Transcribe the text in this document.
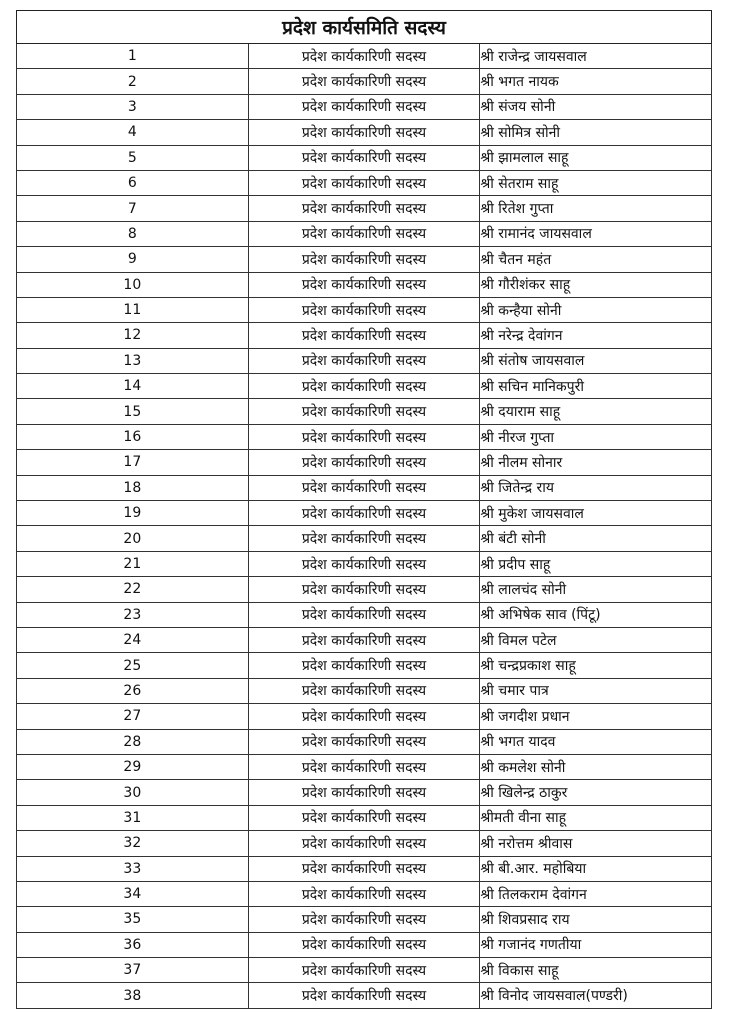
प्रदेश कार्यसमिति सदस्य		
1	प्रदेश कार्यकारिणी सदस्य	श्री राजेन्द्र जायसवाल
2	प्रदेश कार्यकारिणी सदस्य	श्री भगत नायक
3	प्रदेश कार्यकारिणी सदस्य	श्री संजय सोनी
4	प्रदेश कार्यकारिणी सदस्य	श्री सोमित्र सोनी
5	प्रदेश कार्यकारिणी सदस्य	श्री झामलाल साहू
6	प्रदेश कार्यकारिणी सदस्य	श्री सेतराम साहू
7	प्रदेश कार्यकारिणी सदस्य	श्री रितेश गुप्ता
8	प्रदेश कार्यकारिणी सदस्य	श्री रामानंद जायसवाल
9	प्रदेश कार्यकारिणी सदस्य	श्री चैतन महंत
10	प्रदेश कार्यकारिणी सदस्य	श्री गौरीशंकर साहू
11	प्रदेश कार्यकारिणी सदस्य	श्री कन्हैया सोनी
12	प्रदेश कार्यकारिणी सदस्य	श्री नरेन्द्र देवांगन
13	प्रदेश कार्यकारिणी सदस्य	श्री संतोष जायसवाल
14	प्रदेश कार्यकारिणी सदस्य	श्री सचिन मानिकपुरी
15	प्रदेश कार्यकारिणी सदस्य	श्री दयाराम साहू
16	प्रदेश कार्यकारिणी सदस्य	श्री नीरज गुप्ता
17	प्रदेश कार्यकारिणी सदस्य	श्री नीलम सोनार
18	प्रदेश कार्यकारिणी सदस्य	श्री जितेन्द्र राय
19	प्रदेश कार्यकारिणी सदस्य	श्री मुकेश जायसवाल
20	प्रदेश कार्यकारिणी सदस्य	श्री बंटी सोनी
21	प्रदेश कार्यकारिणी सदस्य	श्री प्रदीप साहू
22	प्रदेश कार्यकारिणी सदस्य	श्री लालचंद सोनी
23	प्रदेश कार्यकारिणी सदस्य	श्री अभिषेक साव (पिंटू)
24	प्रदेश कार्यकारिणी सदस्य	श्री विमल पटेल
25	प्रदेश कार्यकारिणी सदस्य	श्री चन्द्रप्रकाश साहू
26	प्रदेश कार्यकारिणी सदस्य	श्री चमार पात्र
27	प्रदेश कार्यकारिणी सदस्य	श्री जगदीश प्रधान
28	प्रदेश कार्यकारिणी सदस्य	श्री भगत यादव
29	प्रदेश कार्यकारिणी सदस्य	श्री कमलेश सोनी
30	प्रदेश कार्यकारिणी सदस्य	श्री खिलेन्द्र ठाकुर
31	प्रदेश कार्यकारिणी सदस्य	श्रीमती वीना साहू
32	प्रदेश कार्यकारिणी सदस्य	श्री नरोत्तम श्रीवास
33	प्रदेश कार्यकारिणी सदस्य	श्री बी.आर. महोबिया
34	प्रदेश कार्यकारिणी सदस्य	श्री तिलकराम देवांगन
35	प्रदेश कार्यकारिणी सदस्य	श्री शिवप्रसाद राय
36	प्रदेश कार्यकारिणी सदस्य	श्री गजानंद गणतीया
37	प्रदेश कार्यकारिणी सदस्य	श्री विकास साहू
38	प्रदेश कार्यकारिणी सदस्य	श्री विनोद जायसवाल(पण्डरी)
